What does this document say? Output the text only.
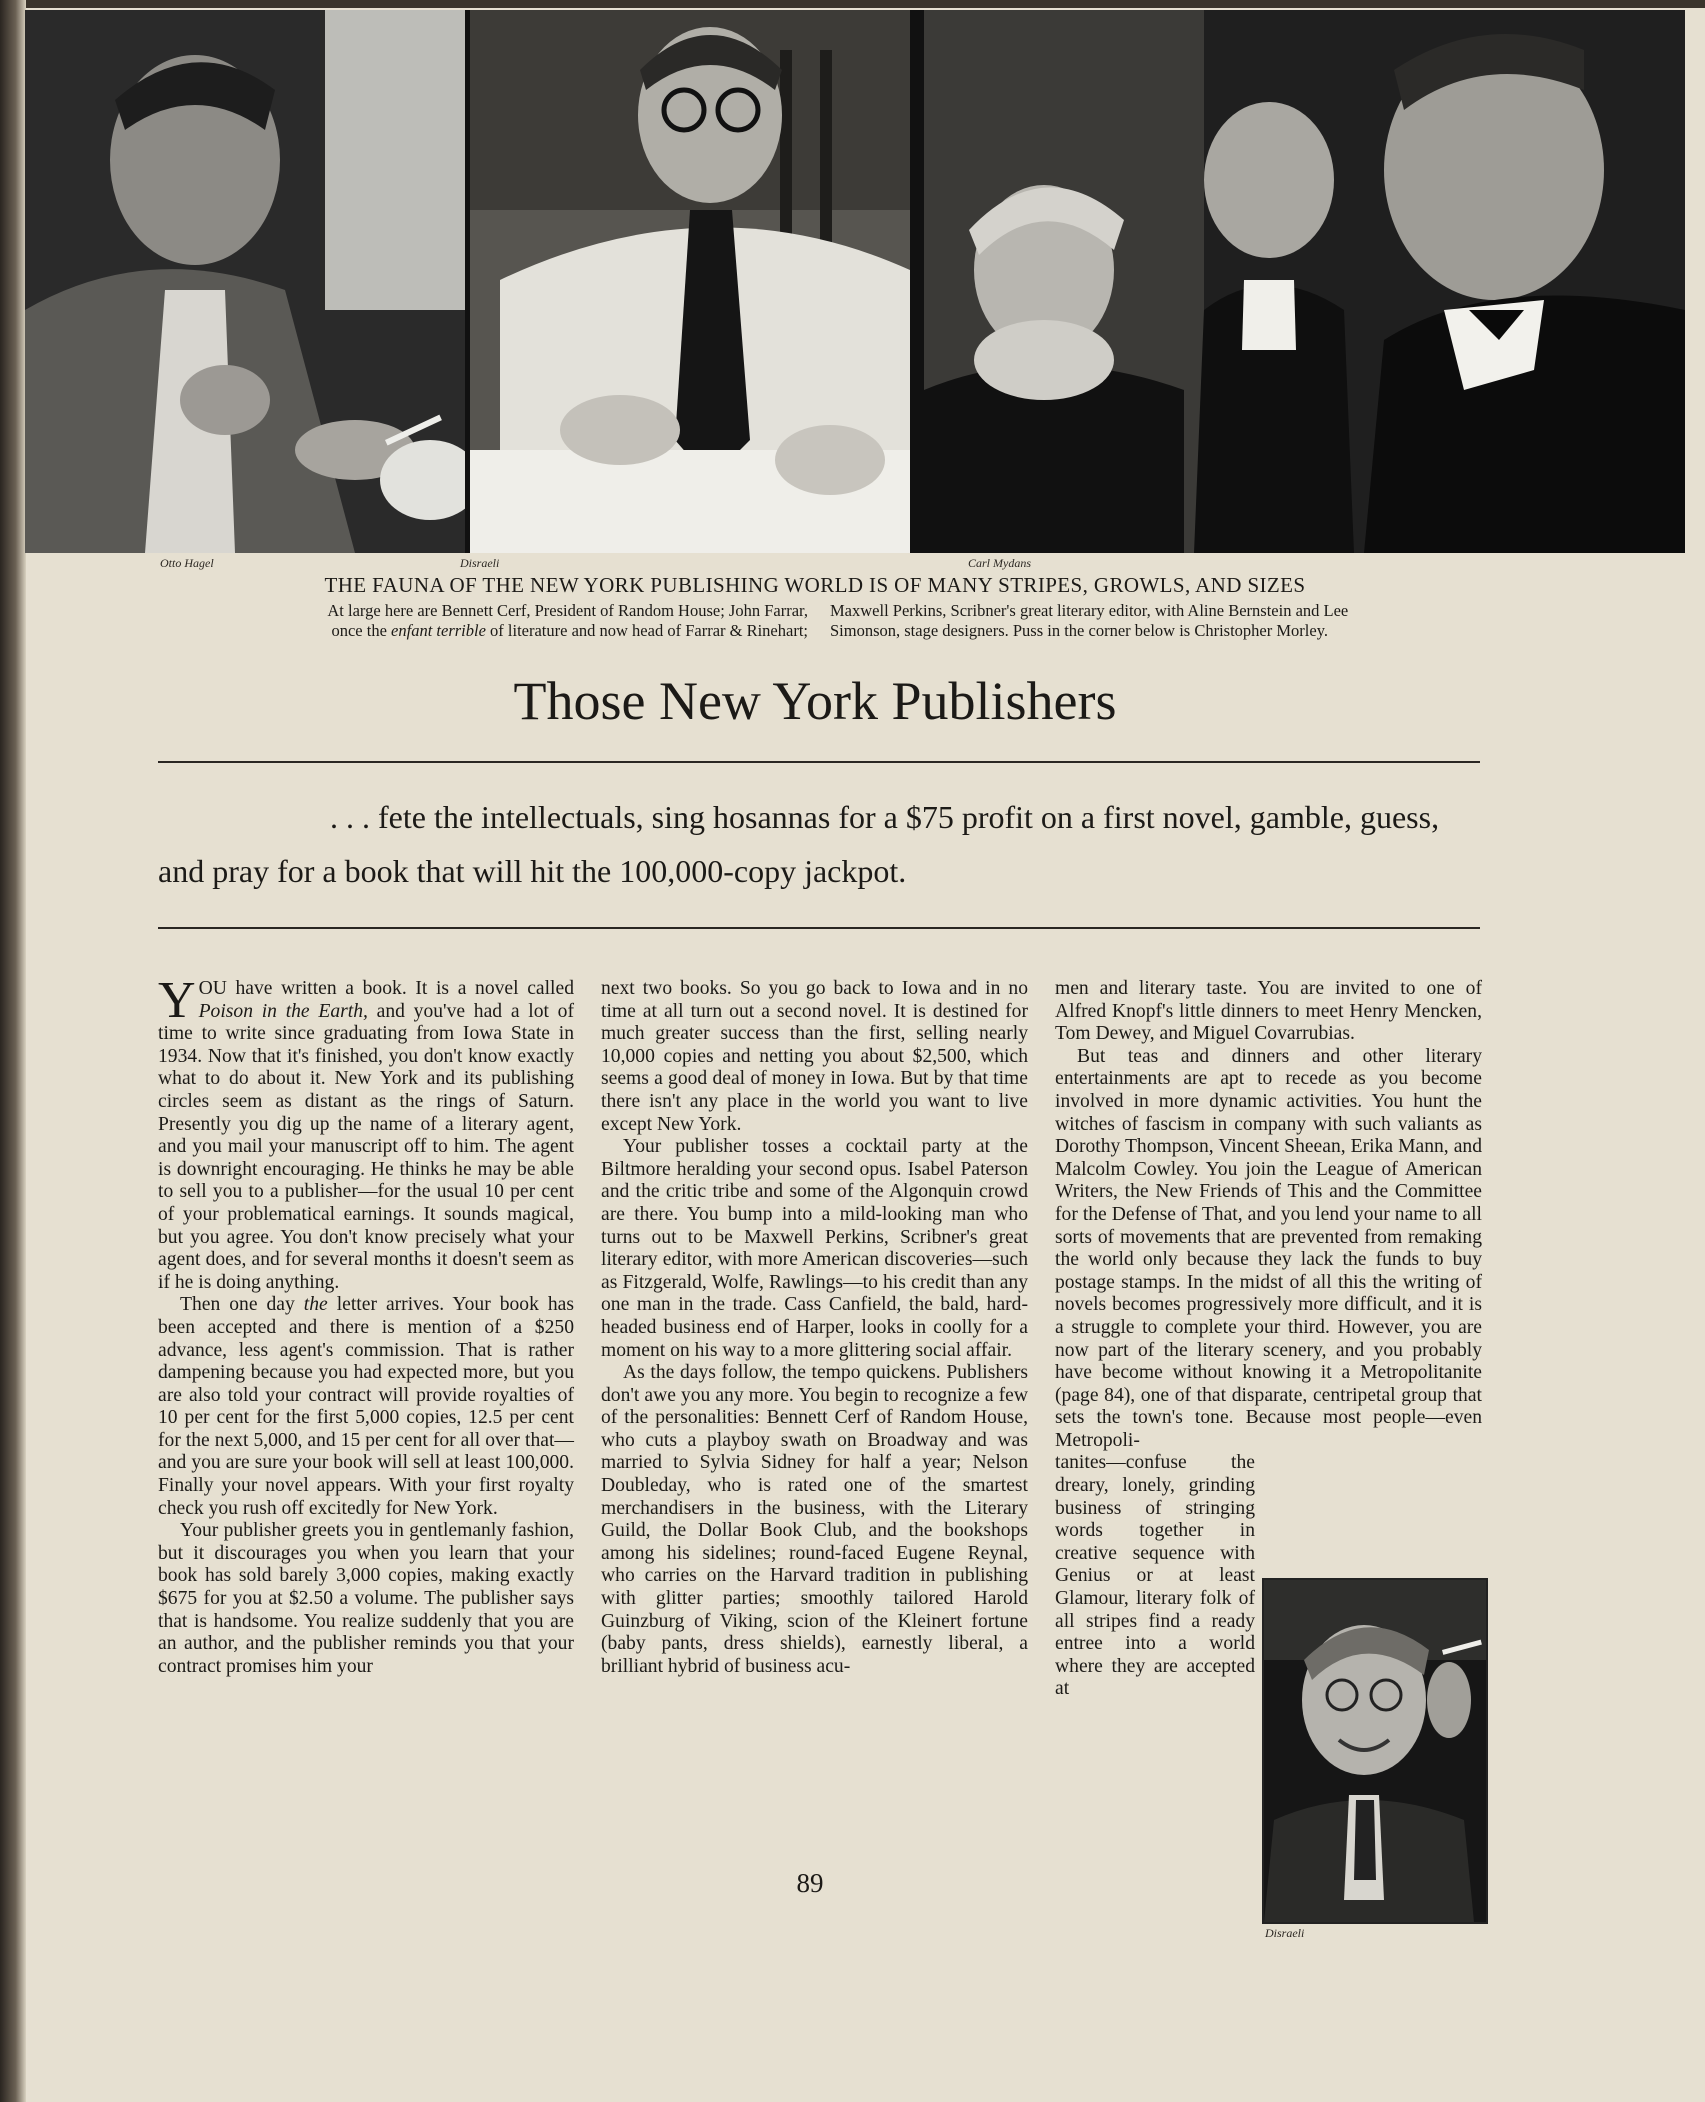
Otto Hagel	Disraeli	Carl Mydans
THE FAUNA OF THE NEW YORK PUBLISHING WORLD IS OF MANY STRIPES, GROWLS, AND SIZES
At large here are Bennett Cerf, President of Random House; John Farrar,
once the enfant terrible of literature and now head of Farrar & Rinehart;
Maxwell Perkins, Scribner's great literary editor, with Aline Bernstein and Lee
Simonson, stage designers. Puss in the corner below is Christopher Morley.
Those New York Publishers

. . . fete the intellectuals, sing hosannas for a $75 profit on a first novel, gamble, guess, and pray for a book that will hit the 100,000-copy jackpot.

YOU have written a book. It is a novel called Poison in the Earth, and you've had a lot of time to write since graduating from Iowa State in 1934. Now that it's finished, you don't know exactly what to do about it. New York and its publishing circles seem as distant as the rings of Saturn. Presently you dig up the name of a literary agent, and you mail your manuscript off to him. The agent is downright encouraging. He thinks he may be able to sell you to a publisher—for the usual 10 per cent of your problematical earnings. It sounds magical, but you agree. You don't know precisely what your agent does, and for several months it doesn't seem as if he is doing anything.

Then one day the letter arrives. Your book has been accepted and there is mention of a $250 advance, less agent's commission. That is rather dampening because you had expected more, but you are also told your contract will provide royalties of 10 per cent for the first 5,000 copies, 12.5 per cent for the next 5,000, and 15 per cent for all over that—and you are sure your book will sell at least 100,000. Finally your novel appears. With your first royalty check you rush off excitedly for New York.

Your publisher greets you in gentlemanly fashion, but it discourages you when you learn that your book has sold barely 3,000 copies, making exactly $675 for you at $2.50 a volume. The publisher says that is handsome. You realize suddenly that you are an author, and the publisher reminds you that your contract promises him your

next two books. So you go back to Iowa and in no time at all turn out a second novel. It is destined for much greater success than the first, selling nearly 10,000 copies and netting you about $2,500, which seems a good deal of money in Iowa. But by that time there isn't any place in the world you want to live except New York.

Your publisher tosses a cocktail party at the Biltmore heralding your second opus. Isabel Paterson and the critic tribe and some of the Algonquin crowd are there. You bump into a mild-looking man who turns out to be Maxwell Perkins, Scribner's great literary editor, with more American discoveries—such as Fitzgerald, Wolfe, Rawlings—to his credit than any one man in the trade. Cass Canfield, the bald, hard-headed business end of Harper, looks in coolly for a moment on his way to a more glittering social affair.

As the days follow, the tempo quickens. Publishers don't awe you any more. You begin to recognize a few of the personalities: Bennett Cerf of Random House, who cuts a playboy swath on Broadway and was married to Sylvia Sidney for half a year; Nelson Doubleday, who is rated one of the smartest merchandisers in the business, with the Literary Guild, the Dollar Book Club, and the bookshops among his sidelines; round-faced Eugene Reynal, who carries on the Harvard tradition in publishing with glitter parties; smoothly tailored Harold Guinzburg of Viking, scion of the Kleinert fortune (baby pants, dress shields), earnestly liberal, a brilliant hybrid of business acu-

men and literary taste. You are invited to one of Alfred Knopf's little dinners to meet Henry Mencken, Tom Dewey, and Miguel Covarrubias.

But teas and dinners and other literary entertainments are apt to recede as you become involved in more dynamic activities. You hunt the witches of fascism in company with such valiants as Dorothy Thompson, Vincent Sheean, Erika Mann, and Malcolm Cowley. You join the League of American Writers, the New Friends of This and the Committee for the Defense of That, and you lend your name to all sorts of movements that are prevented from remaking the world only because they lack the funds to buy postage stamps. In the midst of all this the writing of novels becomes progressively more difficult, and it is a struggle to complete your third. However, you are now part of the literary scenery, and you probably have become without knowing it a Metropolitanite (page 84), one of that disparate, centripetal group that sets the town's tone. Because most people—even Metropoli-

tanites—confuse the dreary, lonely, grinding business of stringing words together in creative sequence with Genius or at least Glamour, literary folk of all stripes find a ready entree into a world where they are accepted at

Disraeli
89
